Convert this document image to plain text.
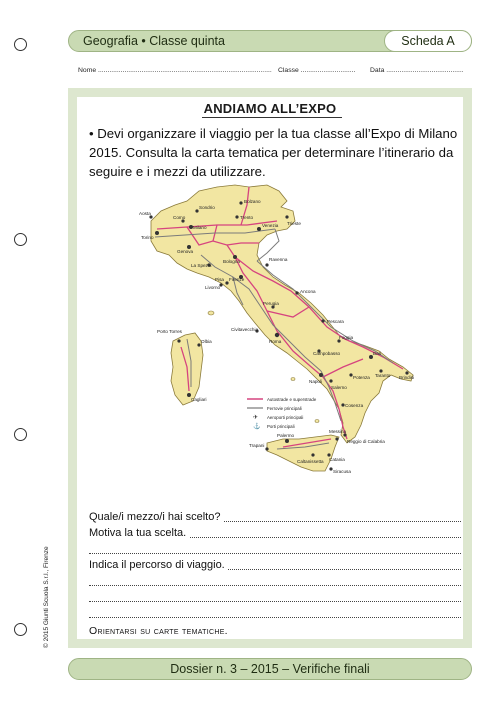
Geografia • Classe quinta	Scheda A
Nome ............................................................................................ Classe ............................. Data .........................................
© 2015 Giunti Scuola S.r.l., Firenze
ANDIAMO ALL’EXPO
• Devi organizzare il viaggio per la tua classe all’Expo di Milano 2015. Consulta la carta tematica per determinare l’itinerario da seguire e i mezzi da utilizzare.
Bolzano
Trento
Sondrio
Como
Milano
Torino
Aosta
Genova
Venezia Trieste
Bologna
Firenze
Ancona
Perugia
Roma
Pescara
Napoli
Bari
Potenza	Brindisi
Taranto
Cosenza
Reggio di Calabria
Messina
Palermo
Catania
Caltanissetta
Cagliari
Porto Torres
Olbia
Livorno
Civitavecchia
La Spezia
Ravenna
Trapani
Siracusa
Pisa
Salerno
Foggia
Campobasso
Autostrade e superstrade
Ferrovie principali
✈ Aeroporti principali
⚓ Porti principali
Quale/i mezzo/i hai scelto?
Motiva la tua scelta.
Indica il percorso di viaggio.
Orientarsi su carte tematiche.
Dossier n. 3 – 2015 – Verifiche finali
